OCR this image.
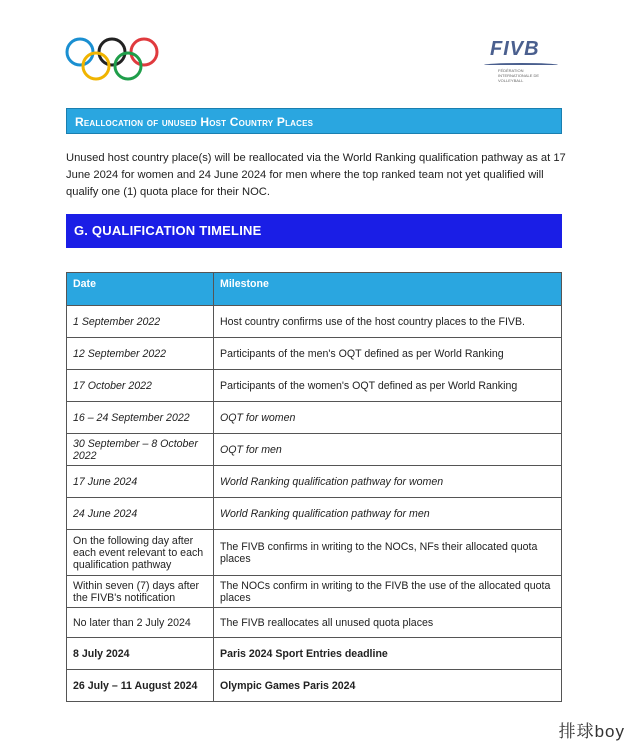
FIVB
FÉDÉRATION INTERNATIONALE DE VOLLEYBALL
Reallocation of unused Host Country Places

Unused host country place(s) will be reallocated via the World Ranking qualification pathway as at 17 June 2024 for women and 24 June 2024 for men where the top ranked team not yet qualified will qualify one (1) quota place for their NOC.

G. QUALIFICATION TIMELINE
Date	Milestone
1 September 2022	Host country confirms use of the host country places to the FIVB.
12 September 2022	Participants of the men's OQT defined as per World Ranking
17 October 2022	Participants of the women's OQT defined as per World Ranking
16 – 24 September 2022	OQT for women
30 September – 8 October 2022	OQT for men
17 June 2024	World Ranking qualification pathway for women
24 June 2024	World Ranking qualification pathway for men
On the following day after each event relevant to each qualification pathway	The FIVB confirms in writing to the NOCs, NFs their allocated quota places
Within seven (7) days after the FIVB's notification	The NOCs confirm in writing to the FIVB the use of the allocated quota places
No later than 2 July 2024	The FIVB reallocates all unused quota places
8 July 2024	Paris 2024 Sport Entries deadline
26 July – 11 August 2024	Olympic Games Paris 2024
排球boy
